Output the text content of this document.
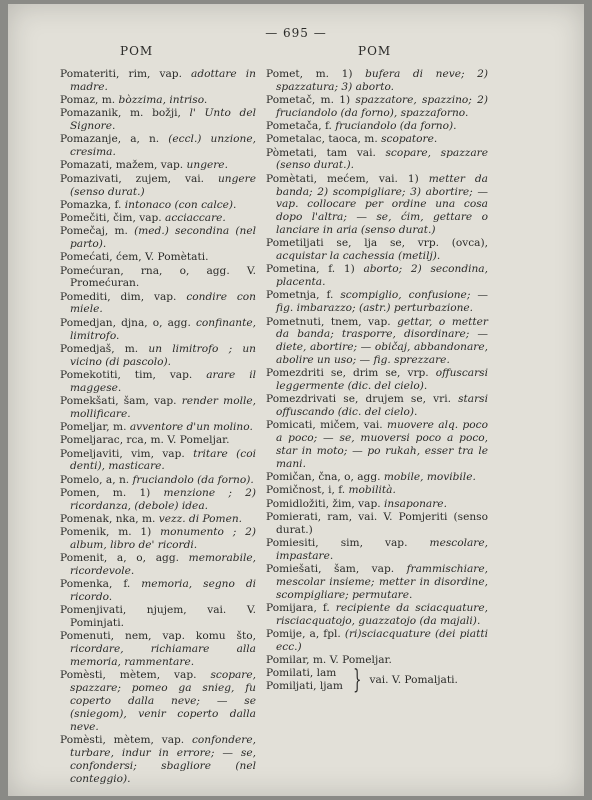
— 695 —
POM	POM
Pomateriti, rim, vap. adottare in madre.
Pomaz, m. bòzzima, intriso.
Pomazanik, m. božji, l' Unto del Signore.
Pomazanje, a, n. (eccl.) unzione, cresima.
Pomazati, mažem, vap. ungere.
Pomazivati, zujem, vai. ungere (senso durat.)
Pomazka, f. intonaco (con calce).
Pomečiti, čim, vap. acciaccare.
Pomečaj, m. (med.) secondina (nel parto).
Pomećati, ćem, V. Pomètati.
Pomećuran, rna, o, agg. V. Promećuran.
Pomediti, dim, vap. condire con miele.
Pomedjan, djna, o, agg. confinante, limitrofo.
Pomedjaš, m. un limitrofo ; un vicino (di pascolo).
Pomekotiti, tim, vap. arare il maggese.
Pomekšati, šam, vap. render molle, mollificare.
Pomeljar, m. avventore d'un molino.
Pomeljarac, rca, m. V. Pomeljar.
Pomeljaviti, vim, vap. tritare (coi denti), masticare.
Pomelo, a, n. fruciandolo (da forno).
Pomen, m. 1) menzione ; 2) ricordanza, (debole) idea.
Pomenak, nka, m. vezz. di Pomen.
Pomenik, m. 1) monumento ; 2) album, libro de' ricordi.
Pomenit, a, o, agg. memorabile, ricordevole.
Pomenka, f. memoria, segno di ricordo.
Pomenjivati, njujem, vai. V. Pominjati.
Pomenuti, nem, vap. komu što, ricordare, richiamare alla memoria, rammentare.
Pomèsti, mètem, vap. scopare, spazzare; pomeo ga snieg, fu coperto dalla neve; — se (sniegom), venir coperto dalla neve.
Pomèsti, mètem, vap. confondere, turbare, indur in errore; — se, confondersi; sbagliore (nel conteggio).
Pomet, m. 1) bufera di neve; 2) spazzatura; 3) aborto.
Pometač, m. 1) spazzatore, spazzino; 2) fruciandolo (da forno), spazzaforno.
Pometača, f. fruciandolo (da forno).
Pometalac, taoca, m. scopatore.
Pòmetati, tam vai. scopare, spazzare (senso durat.).
Pomètati, mećem, vai. 1) metter da banda; 2) scompigliare; 3) abortire; — vap. collocare per ordine una cosa dopo l'altra; — se, ćim, gettare o lanciare in aria (senso durat.)
Pometiljati se, lja se, vrp. (ovca), acquistar la cachessia (metilj).
Pometina, f. 1) aborto; 2) secondina, placenta.
Pometnja, f. scompiglio, confusione; — fig. imbarazzo; (astr.) perturbazione.
Pometnuti, tnem, vap. gettar, o metter da banda; trasporre, disordinare; — diete, abortire; — običaj, abbandonare, abolire un uso; — fig. sprezzare.
Pomezdriti se, drim se, vrp. offuscarsi leggermente (dic. del cielo).
Pomezdrivati se, drujem se, vri. starsi offuscando (dic. del cielo).
Pomicati, mičem, vai. muovere alq. poco a poco; — se, muoversi poco a poco, star in moto; — po rukah, esser tra le mani.
Pomičan, čna, o, agg. mobile, movibile.
Pomičnost, i, f. mobilità.
Pomidložiti, žim, vap. insaponare.
Pomierati, ram, vai. V. Pomjeriti (senso durat.)
Pomiesiti, sim, vap. mescolare, impastare.
Pomiešati, šam, vap. frammischiare, mescolar insieme; metter in disordine, scompigliare; permutare.
Pomijara, f. recipiente da sciacquature, risciacquatojo, guazzatojo (da majali).
Pomije, a, fpl. (ri)sciacquature (dei piatti ecc.)
Pomilar, m. V. Pomeljar.
Pomilati, lam
Pomiljati, ljam } vai. V. Pomaljati.
